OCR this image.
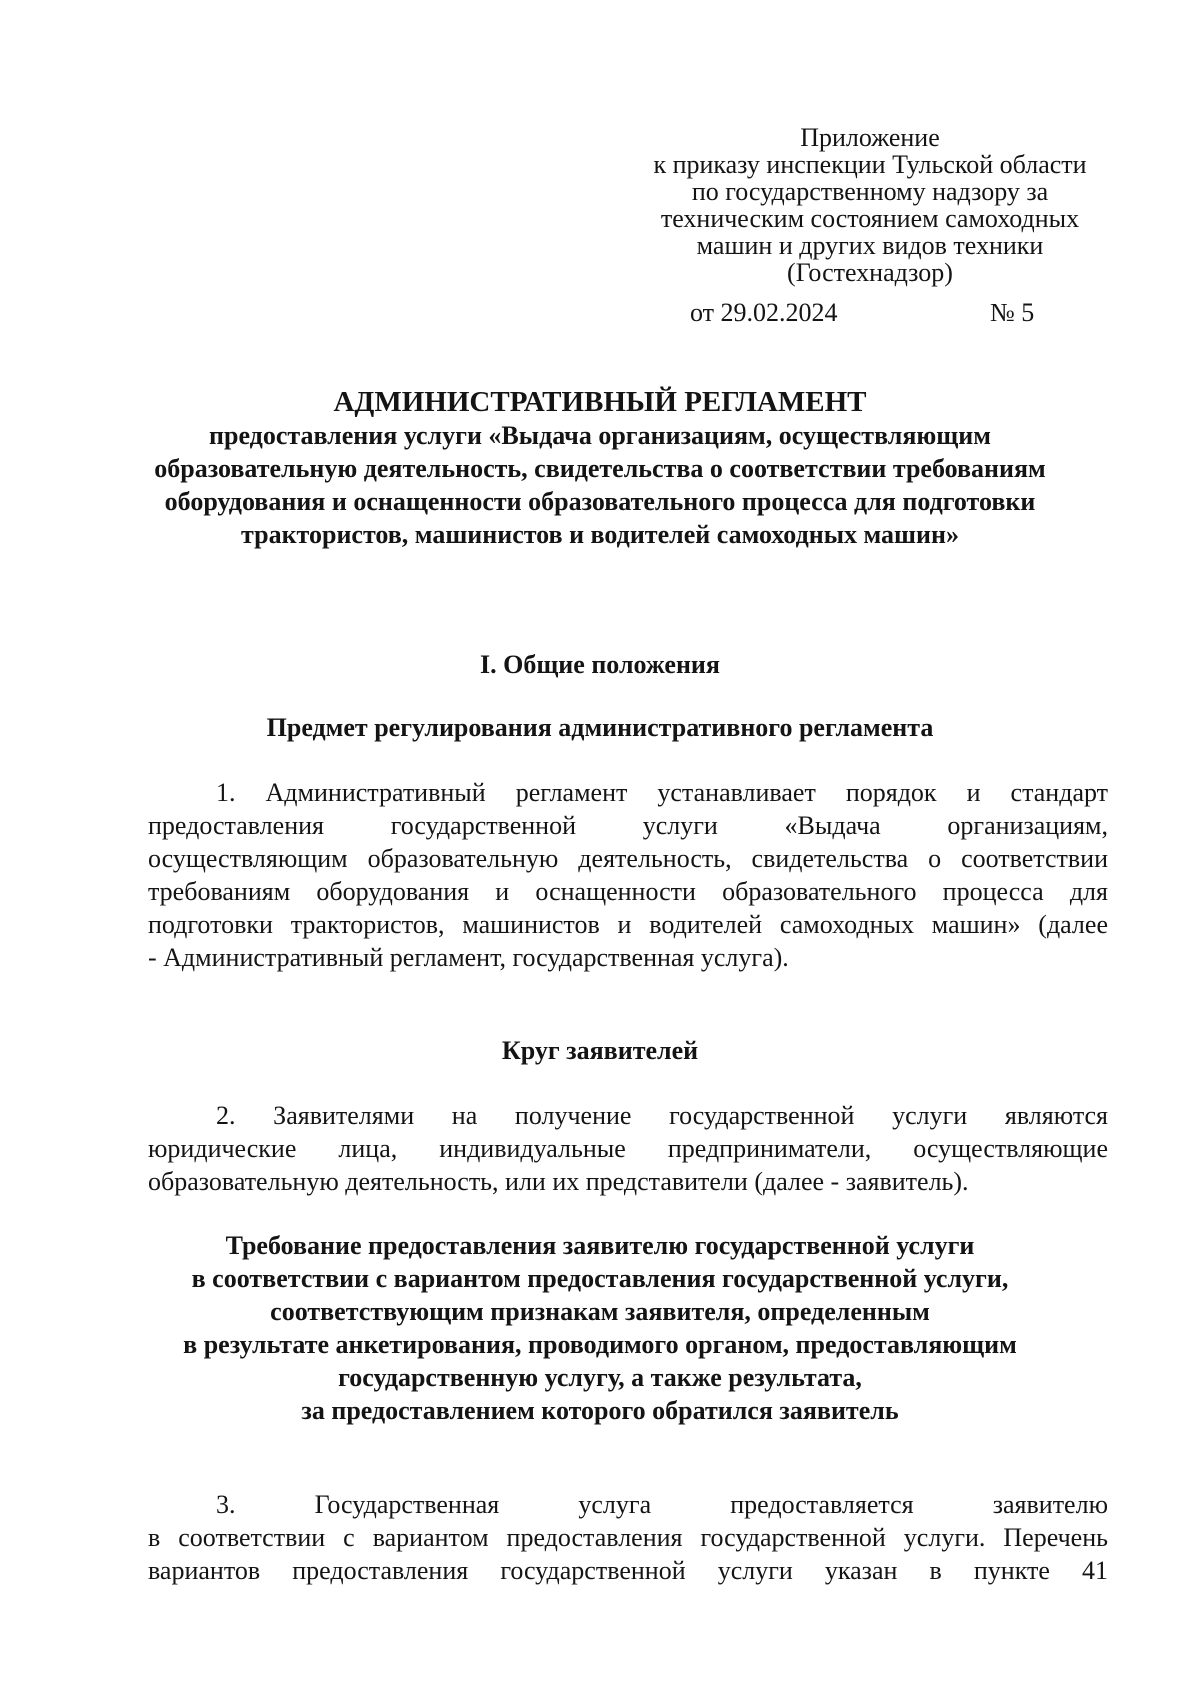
Приложение
к приказу инспекции Тульской области
по государственному надзору за
техническим состоянием самоходных
машин и других видов техники
(Гостехнадзор)
от 29.02.2024	№ 5
АДМИНИСТРАТИВНЫЙ РЕГЛАМЕНТ
предоставления услуги «Выдача организациям, осуществляющим
образовательную деятельность, свидетельства о соответствии требованиям
оборудования и оснащенности образовательного процесса для подготовки
трактористов, машинистов и водителей самоходных машин»
I. Общие положения
Предмет регулирования административного регламента
1. Административный регламент устанавливает порядок и стандарт
предоставления государственной услуги «Выдача организациям,
осуществляющим образовательную деятельность, свидетельства о соответствии
требованиям оборудования и оснащенности образовательного процесса для
подготовки трактористов, машинистов и водителей самоходных машин» (далее
- Административный регламент, государственная услуга).
Круг заявителей
2. Заявителями на получение государственной услуги являются
юридические лица, индивидуальные предприниматели, осуществляющие
образовательную деятельность, или их представители (далее - заявитель).
Требование предоставления заявителю государственной услуги
в соответствии с вариантом предоставления государственной услуги,
соответствующим признакам заявителя, определенным
в результате анкетирования, проводимого органом, предоставляющим
государственную услугу, а также результата,
за предоставлением которого обратился заявитель
3. Государственная услуга предоставляется заявителю
в соответствии с вариантом предоставления государственной услуги. Перечень
вариантов предоставления государственной услуги указан в пункте 41
